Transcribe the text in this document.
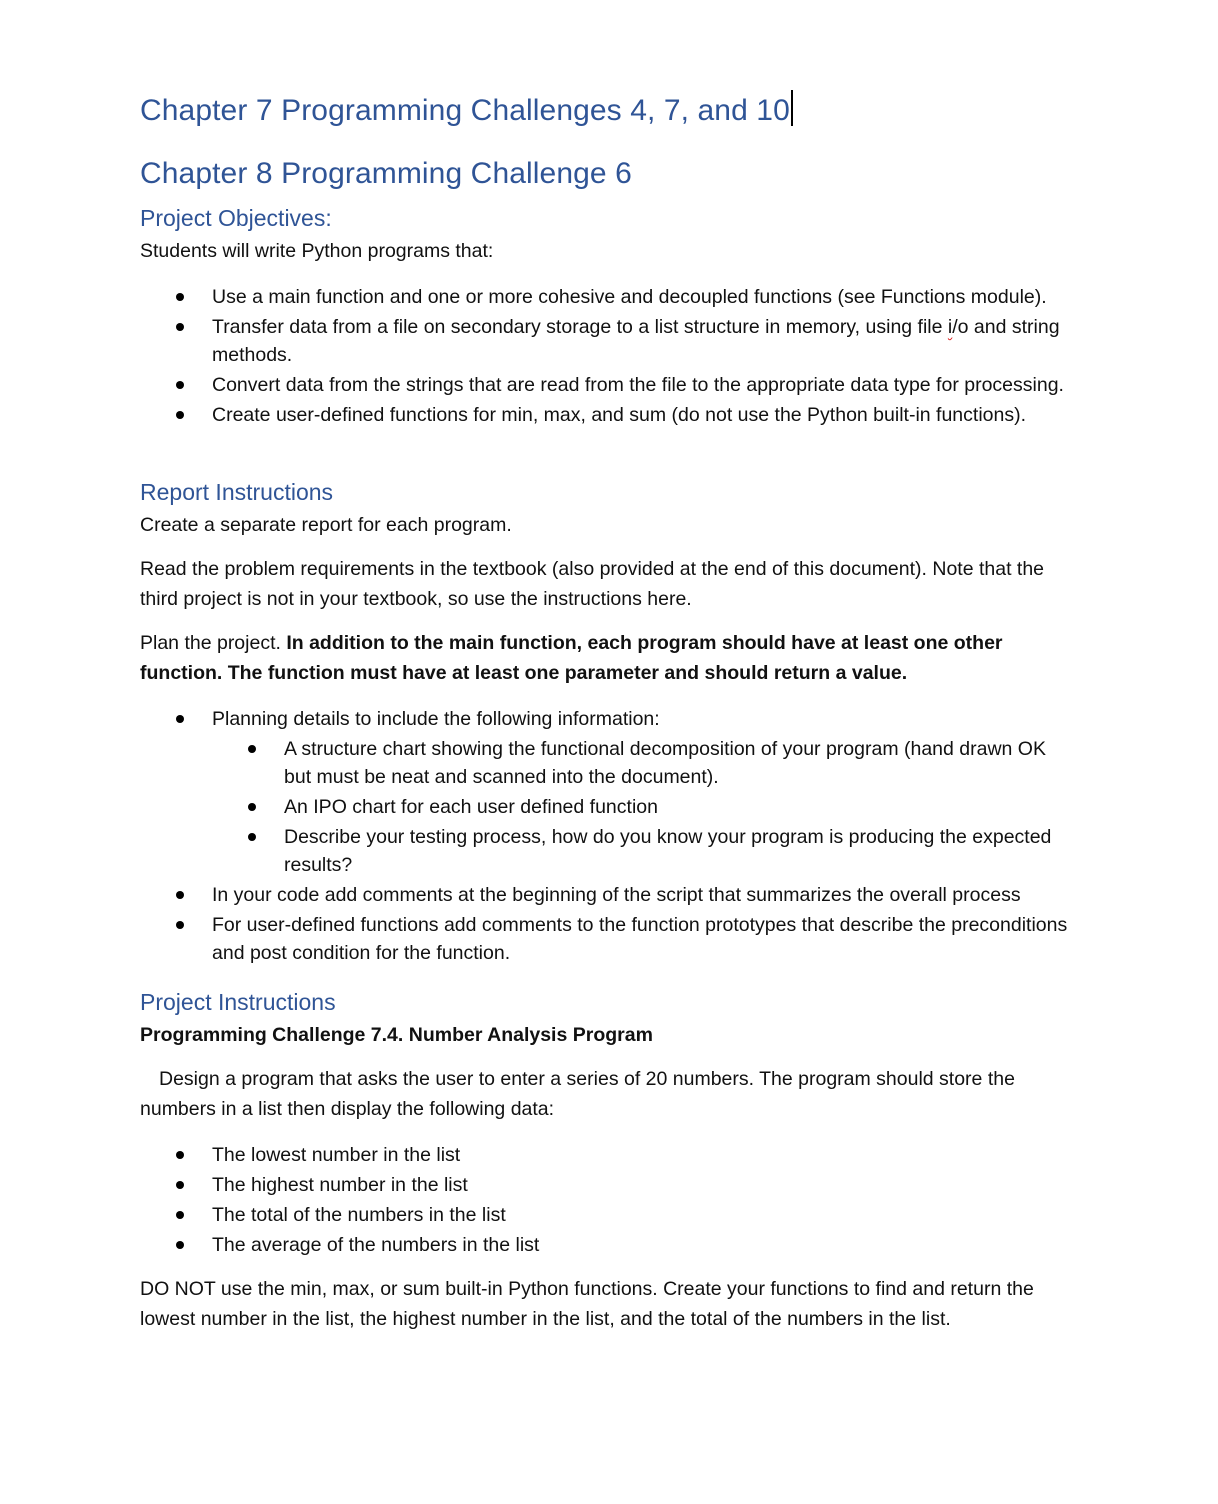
Chapter 7 Programming Challenges 4, 7, and 10
Chapter 8 Programming Challenge 6
Project Objectives:
Students will write Python programs that:
Use a main function and one or more cohesive and decoupled functions (see Functions module).
Transfer data from a file on secondary storage to a list structure in memory, using file i/o and string methods.
Convert data from the strings that are read from the file to the appropriate data type for processing.
Create user-defined functions for min, max, and sum (do not use the Python built-in functions).
Report Instructions
Create a separate report for each program.
Read the problem requirements in the textbook (also provided at the end of this document). Note that the third project is not in your textbook, so use the instructions here.
Plan the project. In addition to the main function, each program should have at least one other function. The function must have at least one parameter and should return a value.
Planning details to include the following information:
A structure chart showing the functional decomposition of your program (hand drawn OK but must be neat and scanned into the document).
An IPO chart for each user defined function
Describe your testing process, how do you know your program is producing the expected results?
In your code add comments at the beginning of the script that summarizes the overall process
For user-defined functions add comments to the function prototypes that describe the preconditions and post condition for the function.
Project Instructions
Programming Challenge 7.4. Number Analysis Program
Design a program that asks the user to enter a series of 20 numbers. The program should store the numbers in a list then display the following data:
The lowest number in the list
The highest number in the list
The total of the numbers in the list
The average of the numbers in the list
DO NOT use the min, max, or sum built-in Python functions. Create your functions to find and return the lowest number in the list, the highest number in the list, and the total of the numbers in the list.
